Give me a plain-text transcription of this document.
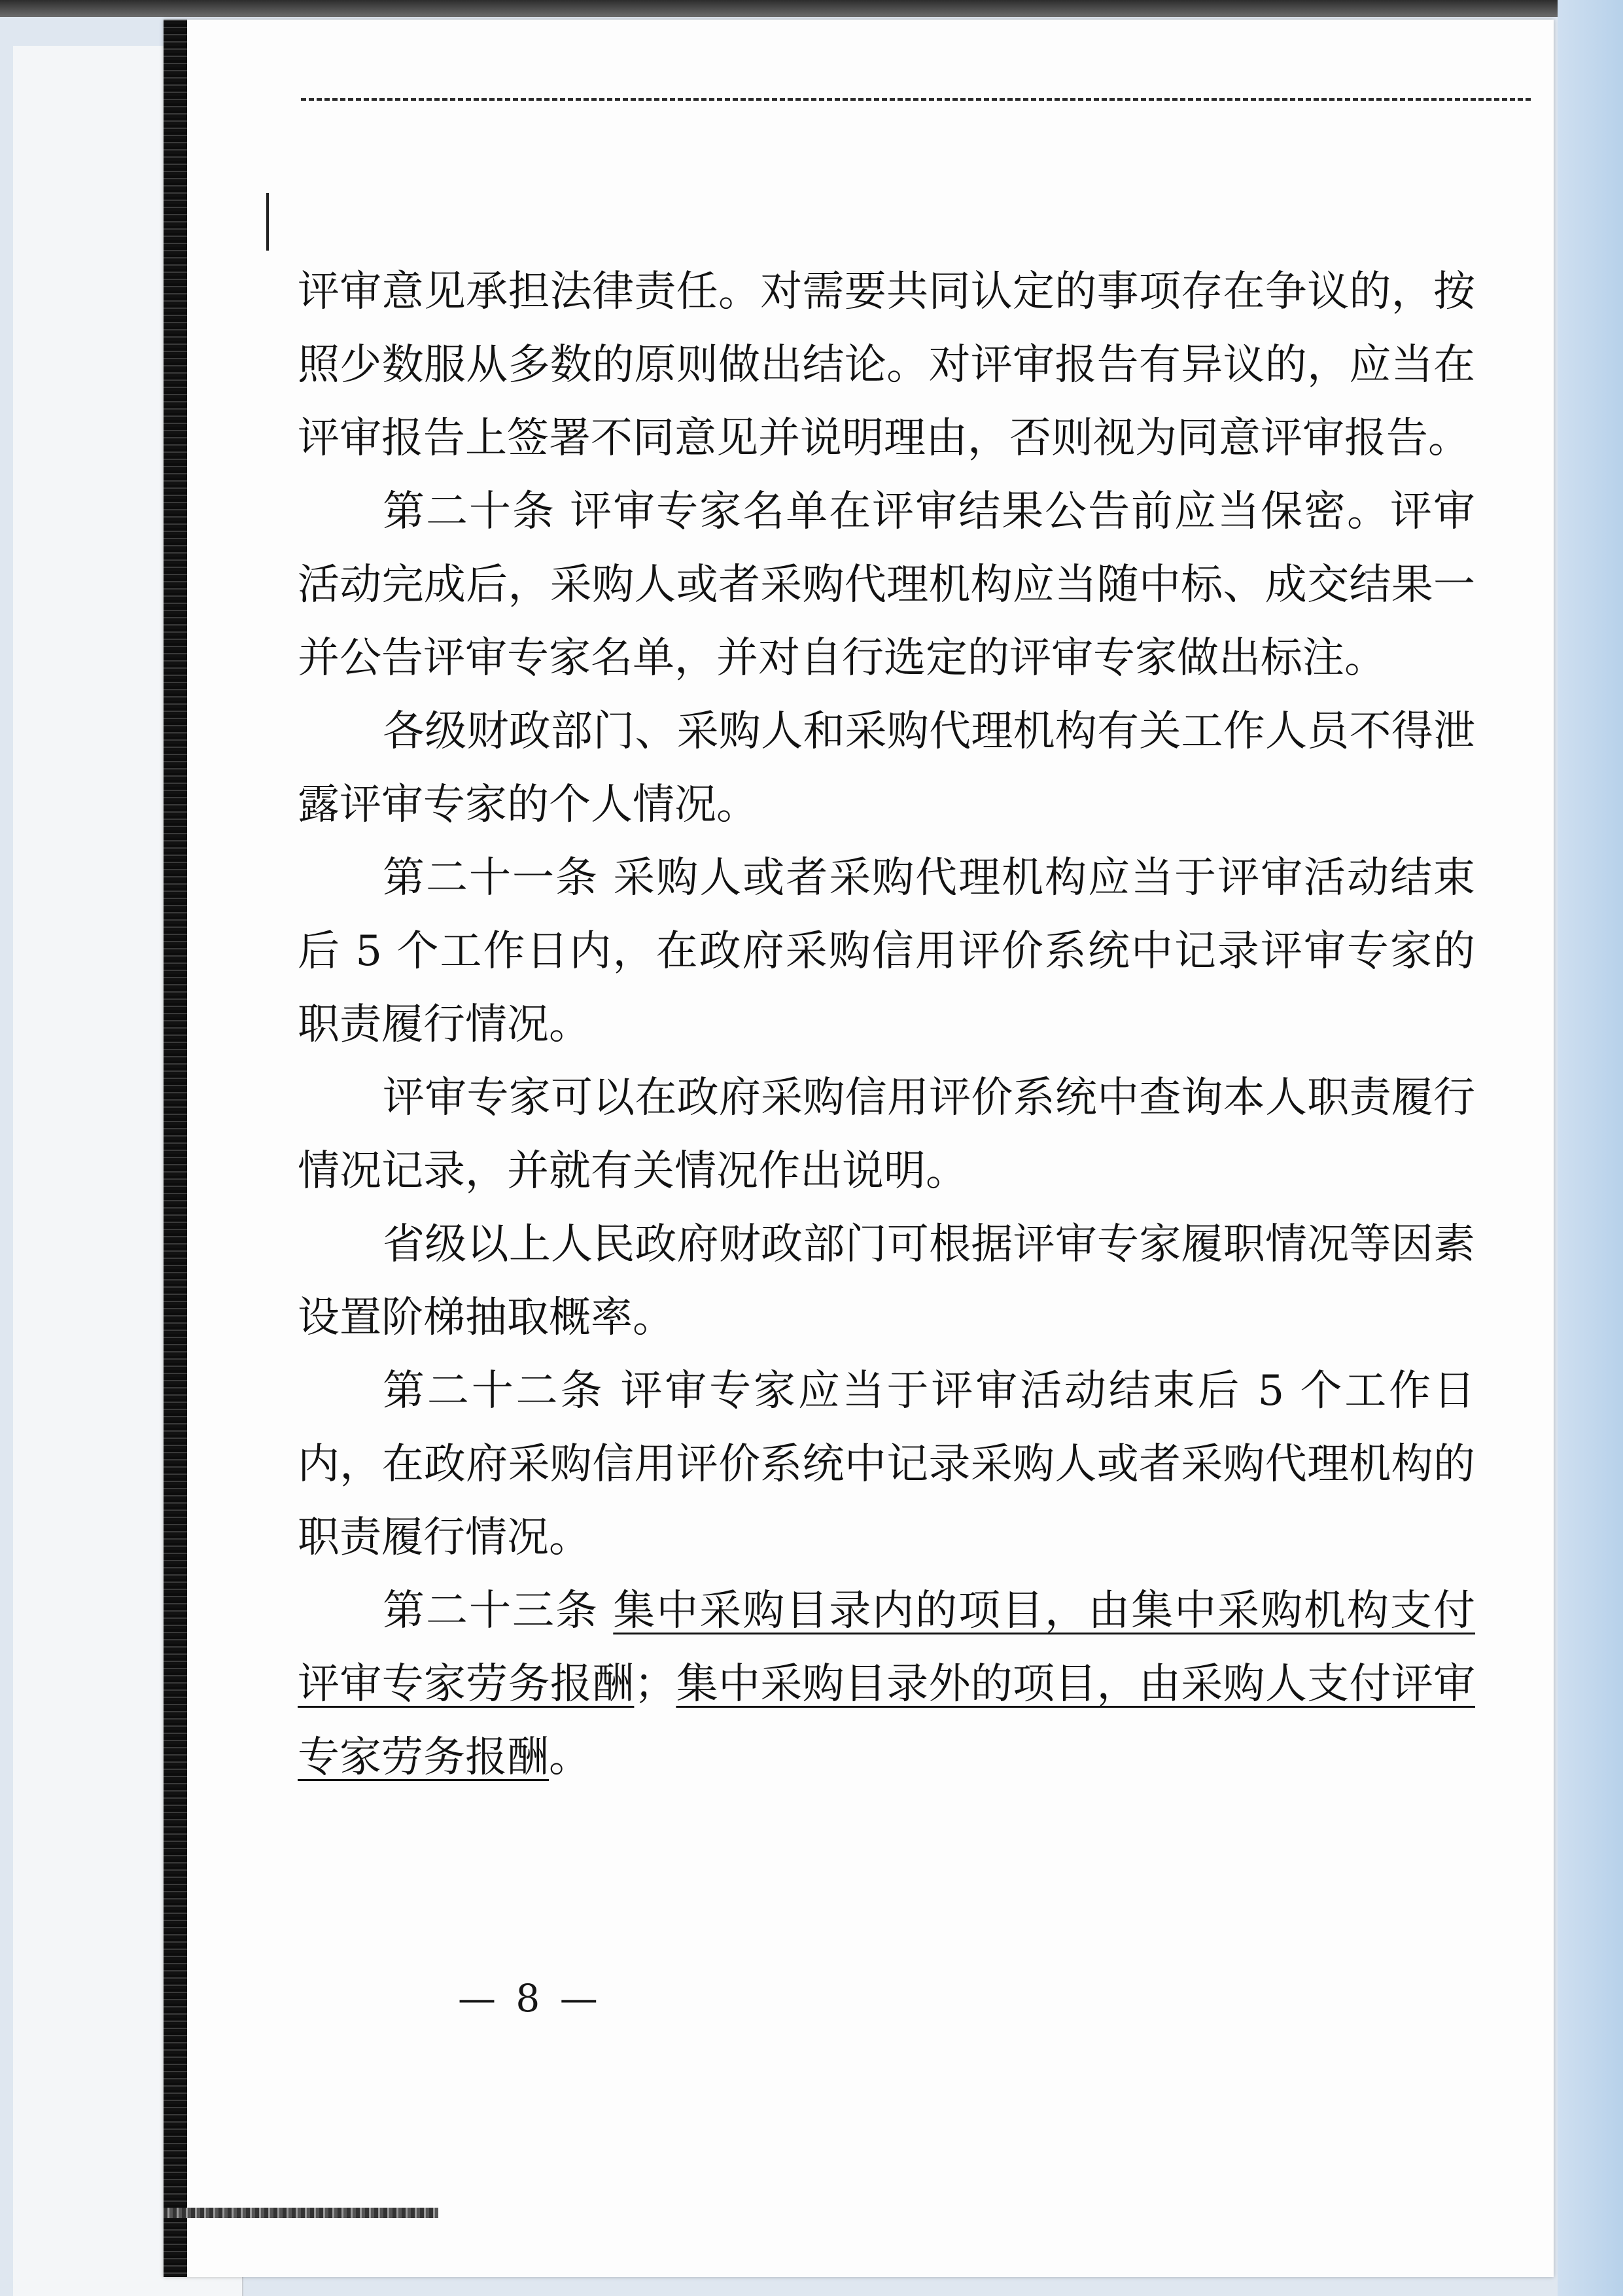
评审意见承担法律责任。对需要共同认定的事项存在争议的，按照少数服从多数的原则做出结论。对评审报告有异议的，应当在评审报告上签署不同意见并说明理由，否则视为同意评审报告。

第二十条 评审专家名单在评审结果公告前应当保密。评审活动完成后，采购人或者采购代理机构应当随中标、成交结果一并公告评审专家名单，并对自行选定的评审专家做出标注。

各级财政部门、采购人和采购代理机构有关工作人员不得泄露评审专家的个人情况。

第二十一条 采购人或者采购代理机构应当于评审活动结束后 5 个工作日内，在政府采购信用评价系统中记录评审专家的职责履行情况。

评审专家可以在政府采购信用评价系统中查询本人职责履行情况记录，并就有关情况作出说明。

省级以上人民政府财政部门可根据评审专家履职情况等因素设置阶梯抽取概率。

第二十二条 评审专家应当于评审活动结束后 5 个工作日内，在政府采购信用评价系统中记录采购人或者采购代理机构的职责履行情况。

第二十三条 集中采购目录内的项目，由集中采购机构支付评审专家劳务报酬；集中采购目录外的项目，由采购人支付评审专家劳务报酬。

— 8 —
